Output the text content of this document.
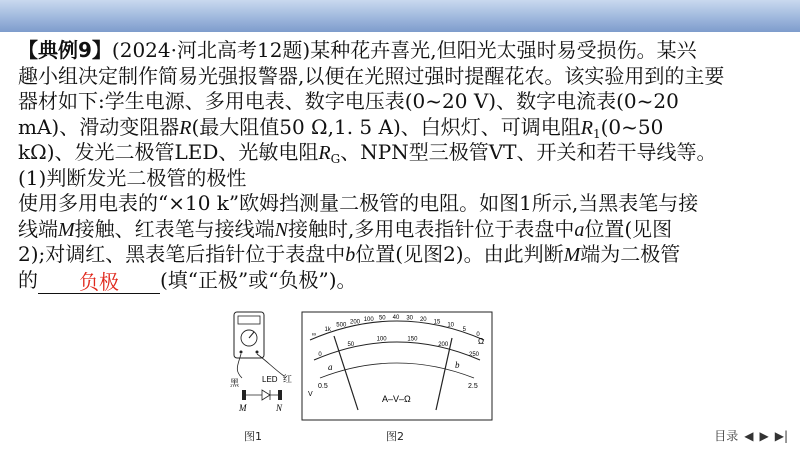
【典例9】(2024·河北高考12题)某种花卉喜光,但阳光太强时易受损伤。某兴
趣小组决定制作简易光强报警器,以便在光照过强时提醒花农。该实验用到的主要
器材如下:学生电源、多用电表、数字电压表(0~20 V)、数字电流表(0~20
mA)、滑动变阻器R(最大阻值50 Ω,1. 5 A)、白炽灯、可调电阻$R_1(0\sim 50$
kΩ)、发光二极管LED、光敏电阻$R_G$、NPN型三极管VT、开关和若干导线等。
(1)判断发光二极管的极性
使用多用电表的“×10 k”欧姆挡测量二极管的电阻。如图1所示,当黑表笔与接
线端M接触、红表笔与接线端N接触时,多用电表指针位于表盘中a位置(见图
2);对调红、黑表笔后指针位于表盘中b位置(见图2)。由此判断M端为二极管
的 负极 (填“正极”或“负极”)。
黑	红
LED
M	N
图1
∞
1k
500
200 100 50 40 30 20 15
10
5
0
0
50
100	150
200
250
Ω
a	b
A–V–Ω
V
0.5	2.5
图2	目录 ◀ ▶ ▶|
